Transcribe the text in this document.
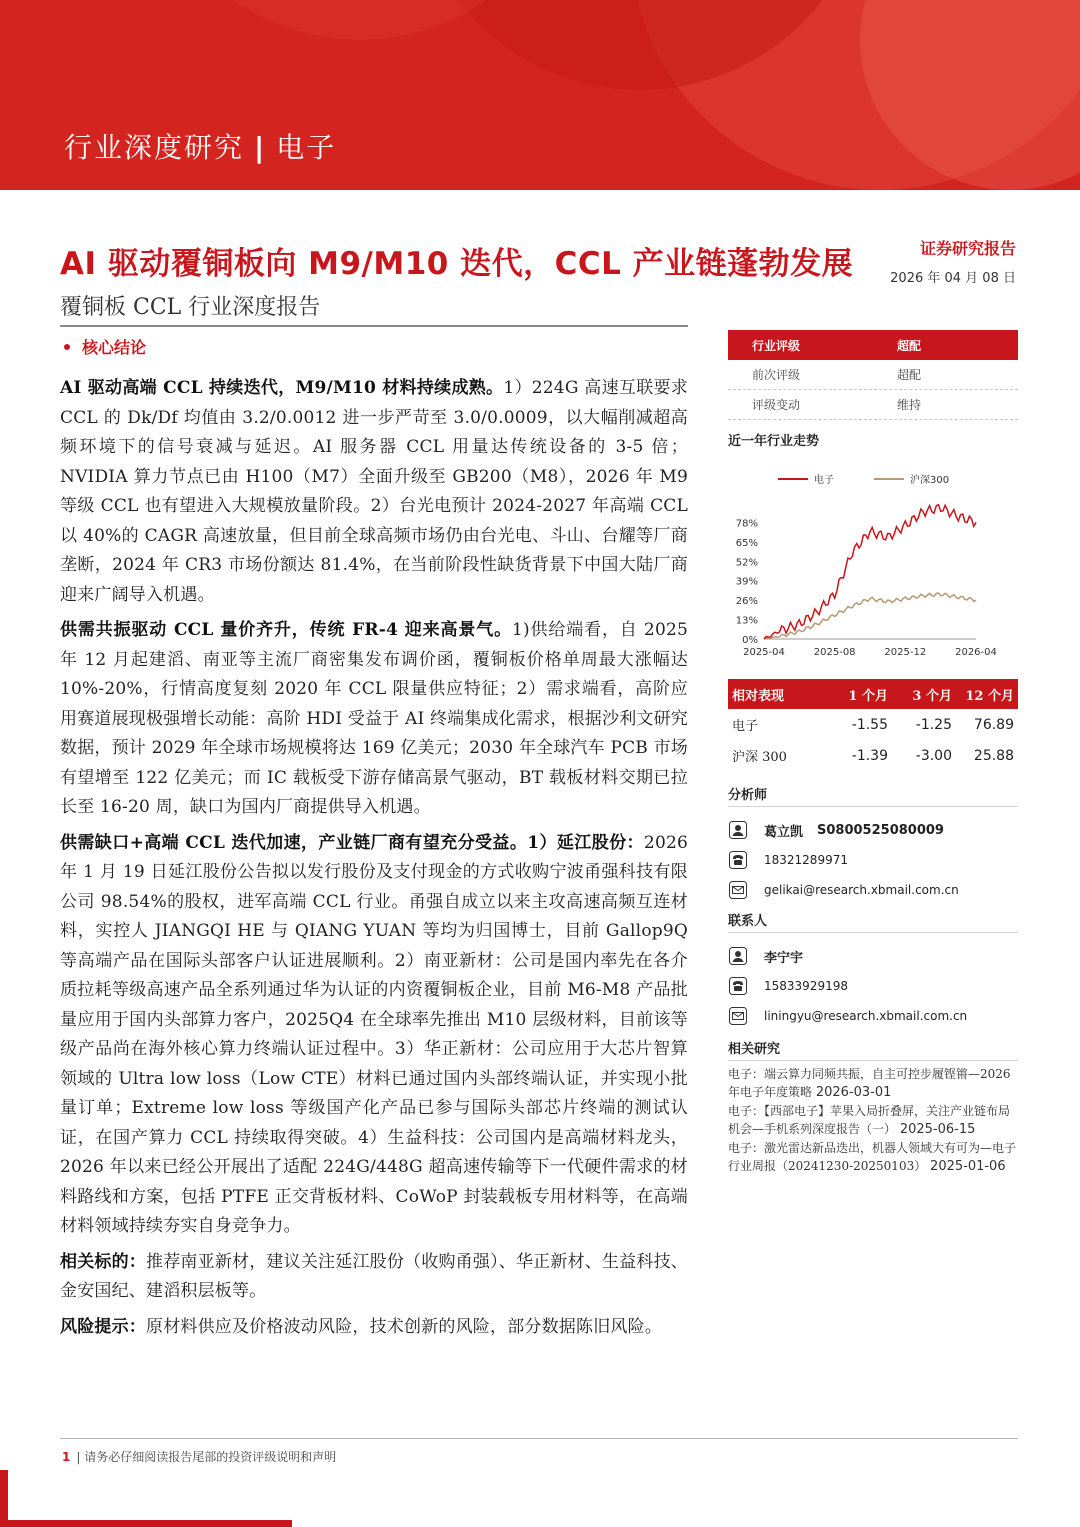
行业深度研究 | 电子
AI 驱动覆铜板向 M9/M10 迭代，CCL 产业链蓬勃发展
覆铜板 CCL 行业深度报告
证券研究报告
2026 年 04 月 08 日
核心结论

AI 驱动高端 CCL 持续迭代，M9/M10 材料持续成熟。1）224G 高速互联要求 CCL 的 Dk/Df 均值由 3.2/0.0012 进一步严苛至 3.0/0.0009，以大幅削减超高频环境下的信号衰减与延迟。AI 服务器 CCL 用量达传统设备的 3-5 倍；NVIDIA 算力节点已由 H100（M7）全面升级至 GB200（M8），2026 年 M9 等级 CCL 也有望进入大规模放量阶段。2）台光电预计 2024-2027 年高端 CCL 以 40%的 CAGR 高速放量，但目前全球高频市场仍由台光电、斗山、台耀等厂商垄断，2024 年 CR3 市场份额达 81.4%，在当前阶段性缺货背景下中国大陆厂商迎来广阔导入机遇。

供需共振驱动 CCL 量价齐升，传统 FR-4 迎来高景气。1)供给端看，自 2025 年 12 月起建滔、南亚等主流厂商密集发布调价函，覆铜板价格单周最大涨幅达 10%-20%，行情高度复刻 2020 年 CCL 限量供应特征；2）需求端看，高阶应用赛道展现极强增长动能：高阶 HDI 受益于 AI 终端集成化需求，根据沙利文研究数据，预计 2029 年全球市场规模将达 169 亿美元；2030 年全球汽车 PCB 市场有望增至 122 亿美元；而 IC 载板受下游存储高景气驱动，BT 载板材料交期已拉长至 16-20 周，缺口为国内厂商提供导入机遇。

供需缺口+高端 CCL 迭代加速，产业链厂商有望充分受益。1）延江股份：2026 年 1 月 19 日延江股份公告拟以发行股份及支付现金的方式收购宁波甬强科技有限公司 98.54%的股权，进军高端 CCL 行业。甬强自成立以来主攻高速高频互连材料，实控人 JIANGQI HE 与 QIANG YUAN 等均为归国博士，目前 Gallop9Q 等高端产品在国际头部客户认证进展顺利。2）南亚新材：公司是国内率先在各介质拉耗等级高速产品全系列通过华为认证的内资覆铜板企业，目前 M6-M8 产品批量应用于国内头部算力客户，2025Q4 在全球率先推出 M10 层级材料，目前该等级产品尚在海外核心算力终端认证过程中。3）华正新材：公司应用于大芯片智算领域的 Ultra low loss（Low CTE）材料已通过国内头部终端认证，并实现小批量订单；Extreme low loss 等级国产化产品已参与国际头部芯片终端的测试认证，在国产算力 CCL 持续取得突破。4）生益科技：公司国内是高端材料龙头，2026 年以来已经公开展出了适配 224G/448G 超高速传输等下一代硬件需求的材料路线和方案，包括 PTFE 正交背板材料、CoWoP 封装载板专用材料等，在高端材料领域持续夯实自身竞争力。

相关标的：推荐南亚新材，建议关注延江股份（收购甬强）、华正新材、生益科技、金安国纪、建滔积层板等。

风险提示：原材料供应及价格波动风险，技术创新的风险，部分数据陈旧风险。

行业评级	超配
前次评级	超配
评级变动	维持
近一年行业走势
电子	沪深300
0%
13%
26%
39%
52%
65%
78%
2025-04	2025-08	2025-12	2026-04
相对表现	1 个月	3 个月	12 个月
电子	-1.55	-1.25	76.89
沪深 300	-1.39	-3.00	25.88
分析师
葛立凯 S0800525080009
18321289971
gelikai@research.xbmail.com.cn
联系人
李宁宇
15833929198
liningyu@research.xbmail.com.cn
相关研究
电子：端云算力同频共振，自主可控步履铿锵—2026 年电子年度策略 2026-03-01
电子：【西部电子】苹果入局折叠屏，关注产业链布局机会—手机系列深度报告（一） 2025-06-15
电子：激光雷达新品迭出，机器人领域大有可为—电子行业周报（20241230-20250103） 2025-01-06
1 | 请务必仔细阅读报告尾部的投资评级说明和声明
